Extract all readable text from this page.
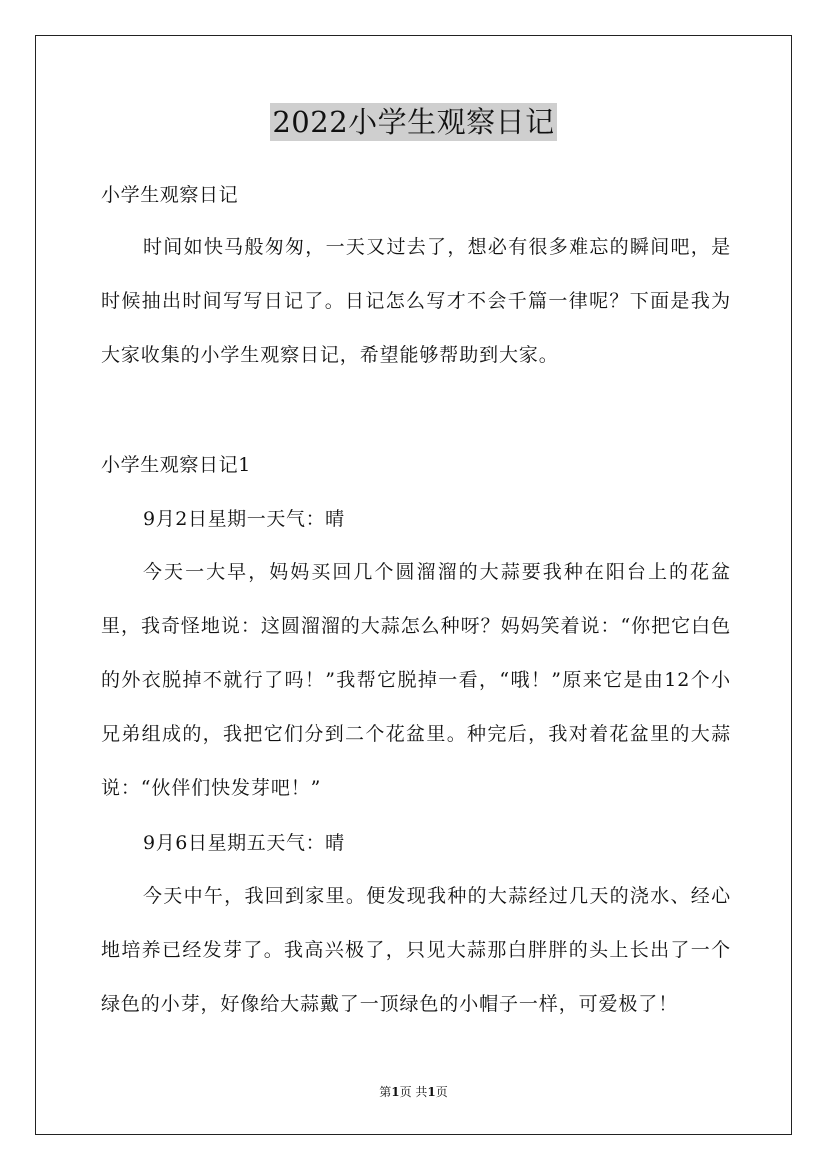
2022小学生观察日记
小学生观察日记
时间如快马般匆匆，一天又过去了，想必有很多难忘的瞬间吧，是时候抽出时间写写日记了。日记怎么写才不会千篇一律呢？下面是我为大家收集的小学生观察日记，希望能够帮助到大家。
小学生观察日记1
9月2日星期一天气：晴
今天一大早，妈妈买回几个圆溜溜的大蒜要我种在阳台上的花盆里，我奇怪地说：这圆溜溜的大蒜怎么种呀？妈妈笑着说：“你把它白色的外衣脱掉不就行了吗！”我帮它脱掉一看，“哦！”原来它是由12个小兄弟组成的，我把它们分到二个花盆里。种完后，我对着花盆里的大蒜说：“伙伴们快发芽吧！”
9月6日星期五天气：晴
今天中午，我回到家里。便发现我种的大蒜经过几天的浇水、经心地培养已经发芽了。我高兴极了，只见大蒜那白胖胖的头上长出了一个绿色的小芽，好像给大蒜戴了一顶绿色的小帽子一样，可爱极了！
第1页 共1页
